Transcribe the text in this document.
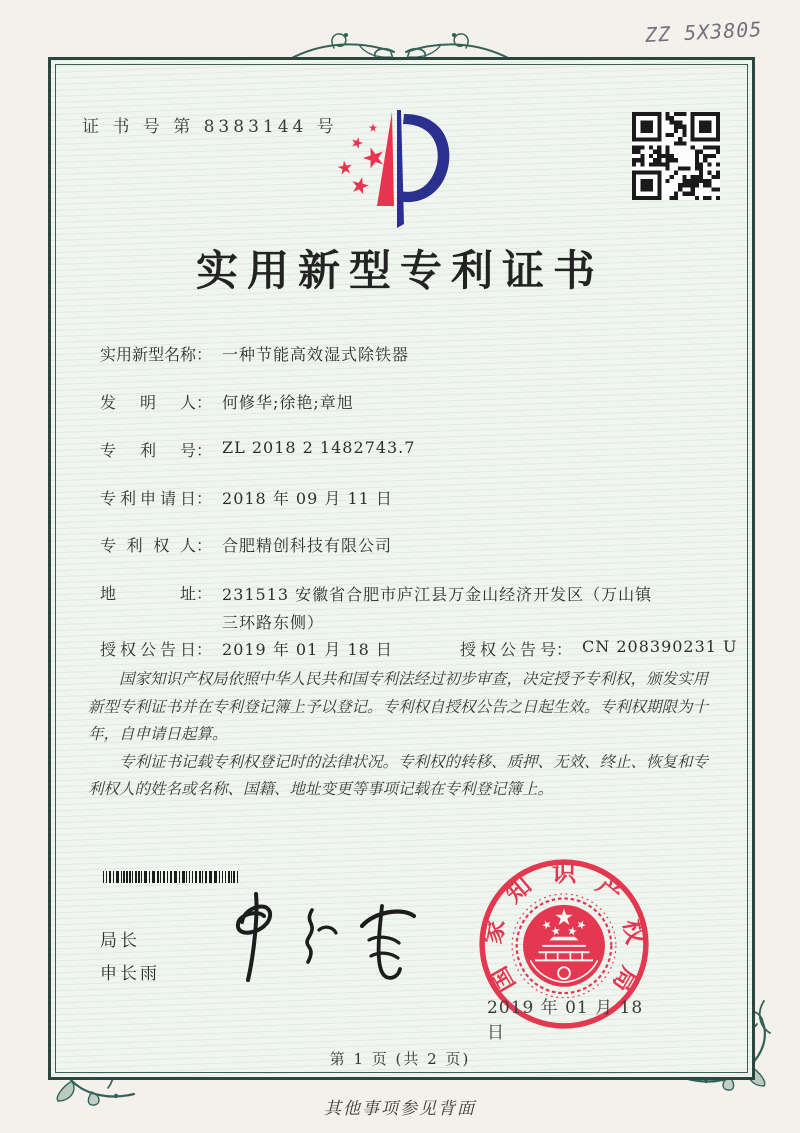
ZZ 5X3805
证 书 号 第 8383144 号
实用新型专利证书
实用新型名称： 一种节能高效湿式除铁器
发明人： 何修华;徐艳;章旭
专利号： ZL 2018 2 1482743.7
专利申请日： 2018 年 09 月 11 日
专利权人： 合肥精创科技有限公司
地址： 231513 安徽省合肥市庐江县万金山经济开发区（万山镇三环路东侧）
授权公告日： 2019 年 01 月 18 日	授权公告号： CN 208390231 U

国家知识产权局依照中华人民共和国专利法经过初步审查，决定授予专利权，颁发实用新型专利证书并在专利登记簿上予以登记。专利权自授权公告之日起生效。专利权期限为十年，自申请日起算。

专利证书记载专利权登记时的法律状况。专利权的转移、质押、无效、终止、恢复和专利权人的姓名或名称、国籍、地址变更等事项记载在专利登记簿上。

局长
申长雨	国
家
知 识 产
权
局
2019 年 01 月 18 日
第 1 页 (共 2 页)
其他事项参见背面
